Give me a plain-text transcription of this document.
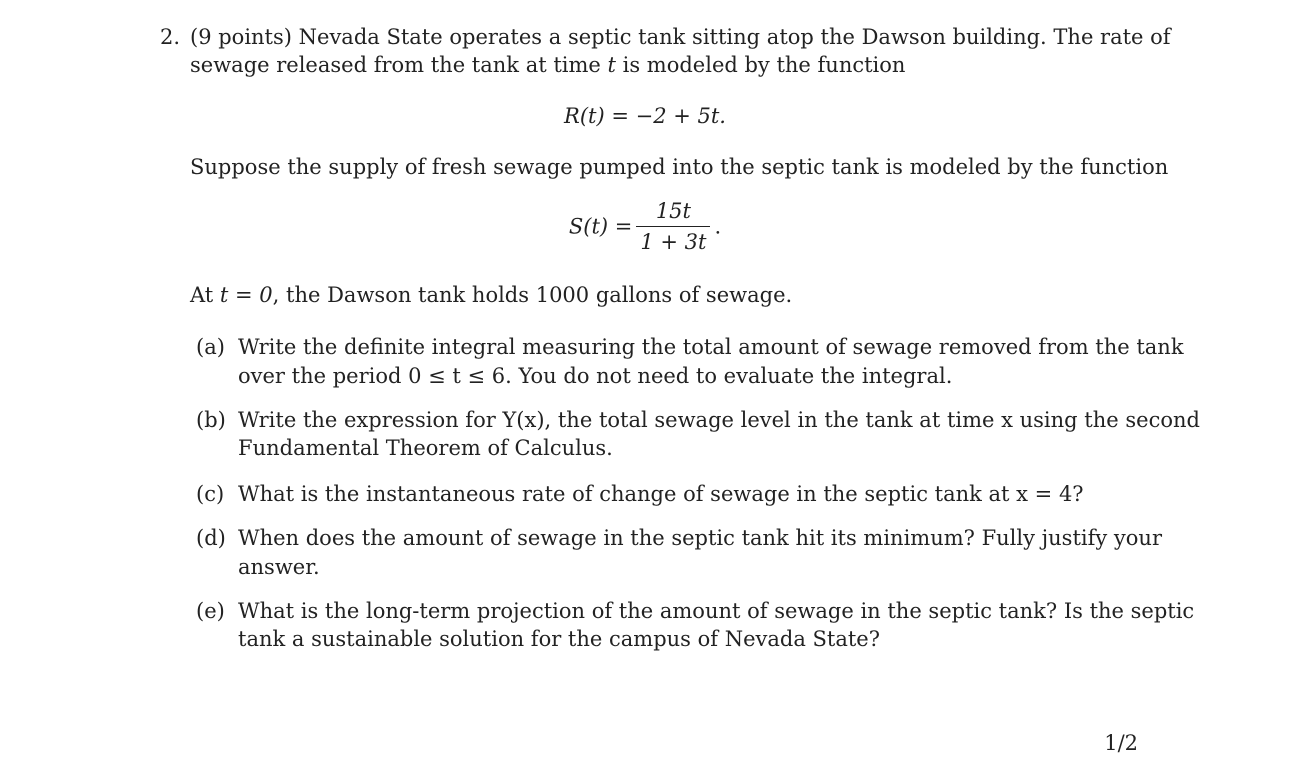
2. (9 points) Nevada State operates a septic tank sitting atop the Dawson building. The rate of
sewage released from the tank at time t is modeled by the function
R(t) = −2 + 5t.
Suppose the supply of fresh sewage pumped into the septic tank is modeled by the function
$S(t) = \frac{15t}{1 + 3t}$ .
At t = 0, the Dawson tank holds 1000 gallons of sewage.
(a) Write the definite integral measuring the total amount of sewage removed from the tank
over the period 0 ≤ t ≤ 6. You do not need to evaluate the integral.
(b) Write the expression for Y(x), the total sewage level in the tank at time x using the second
Fundamental Theorem of Calculus.
(c) What is the instantaneous rate of change of sewage in the septic tank at x = 4?
(d) When does the amount of sewage in the septic tank hit its minimum? Fully justify your
answer.
(e) What is the long-term projection of the amount of sewage in the septic tank? Is the septic
tank a sustainable solution for the campus of Nevada State?
1/2
